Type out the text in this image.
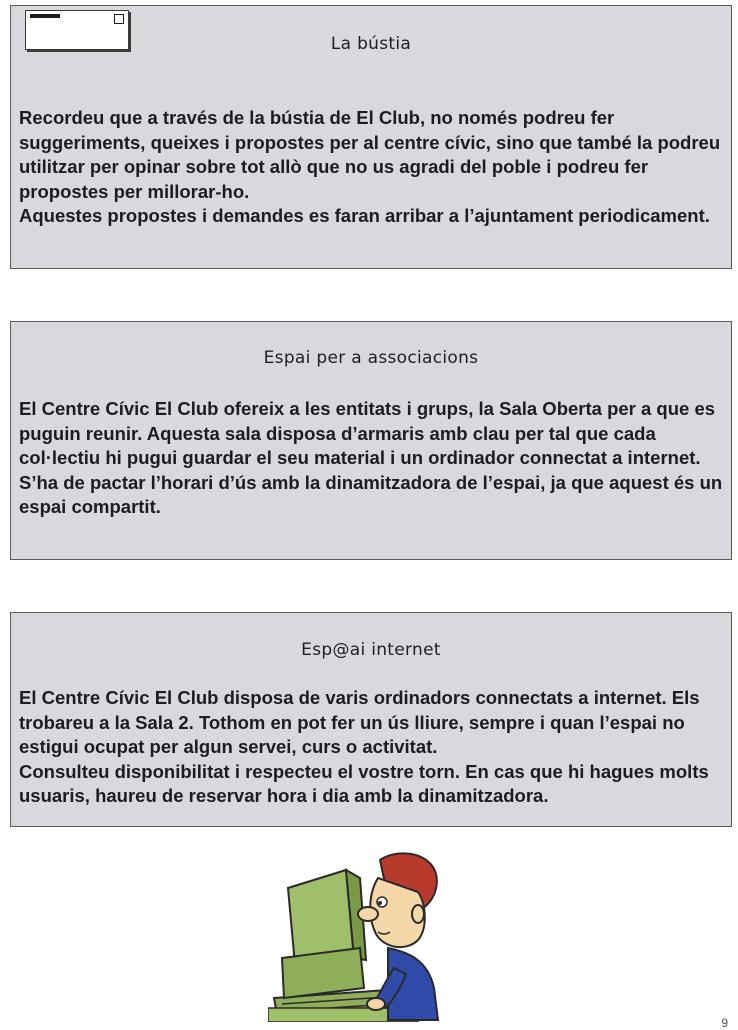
La bústia

Recordeu que a través de la bústia de El Club, no només podreu fer suggeriments, queixes i propostes per al centre cívic, sino que també la podreu utilitzar per opinar sobre tot allò que no us agradi del poble i podreu fer propostes per millorar-ho.

Aquestes propostes i demandes es faran arribar a l’ajuntament periodicament.

Espai per a associacions

El Centre Cívic El Club ofereix a les entitats i grups, la Sala Oberta per a que es puguin reunir. Aquesta sala disposa d’armaris amb clau per tal que cada col·lectiu hi pugui guardar el seu material i un ordinador connectat a internet.

S’ha de pactar l’horari d’ús amb la dinamitzadora de l’espai, ja que aquest és un espai compartit.

Esp@ai internet

El Centre Cívic El Club disposa de varis ordinadors connectats a internet. Els trobareu a la Sala 2. Tothom en pot fer un ús lliure, sempre i quan l’espai no estigui ocupat per algun servei, curs o activitat.

Consulteu disponibilitat i respecteu el vostre torn. En cas que hi hagues molts usuaris, haureu de reservar hora i dia amb la dinamitzadora.

9
